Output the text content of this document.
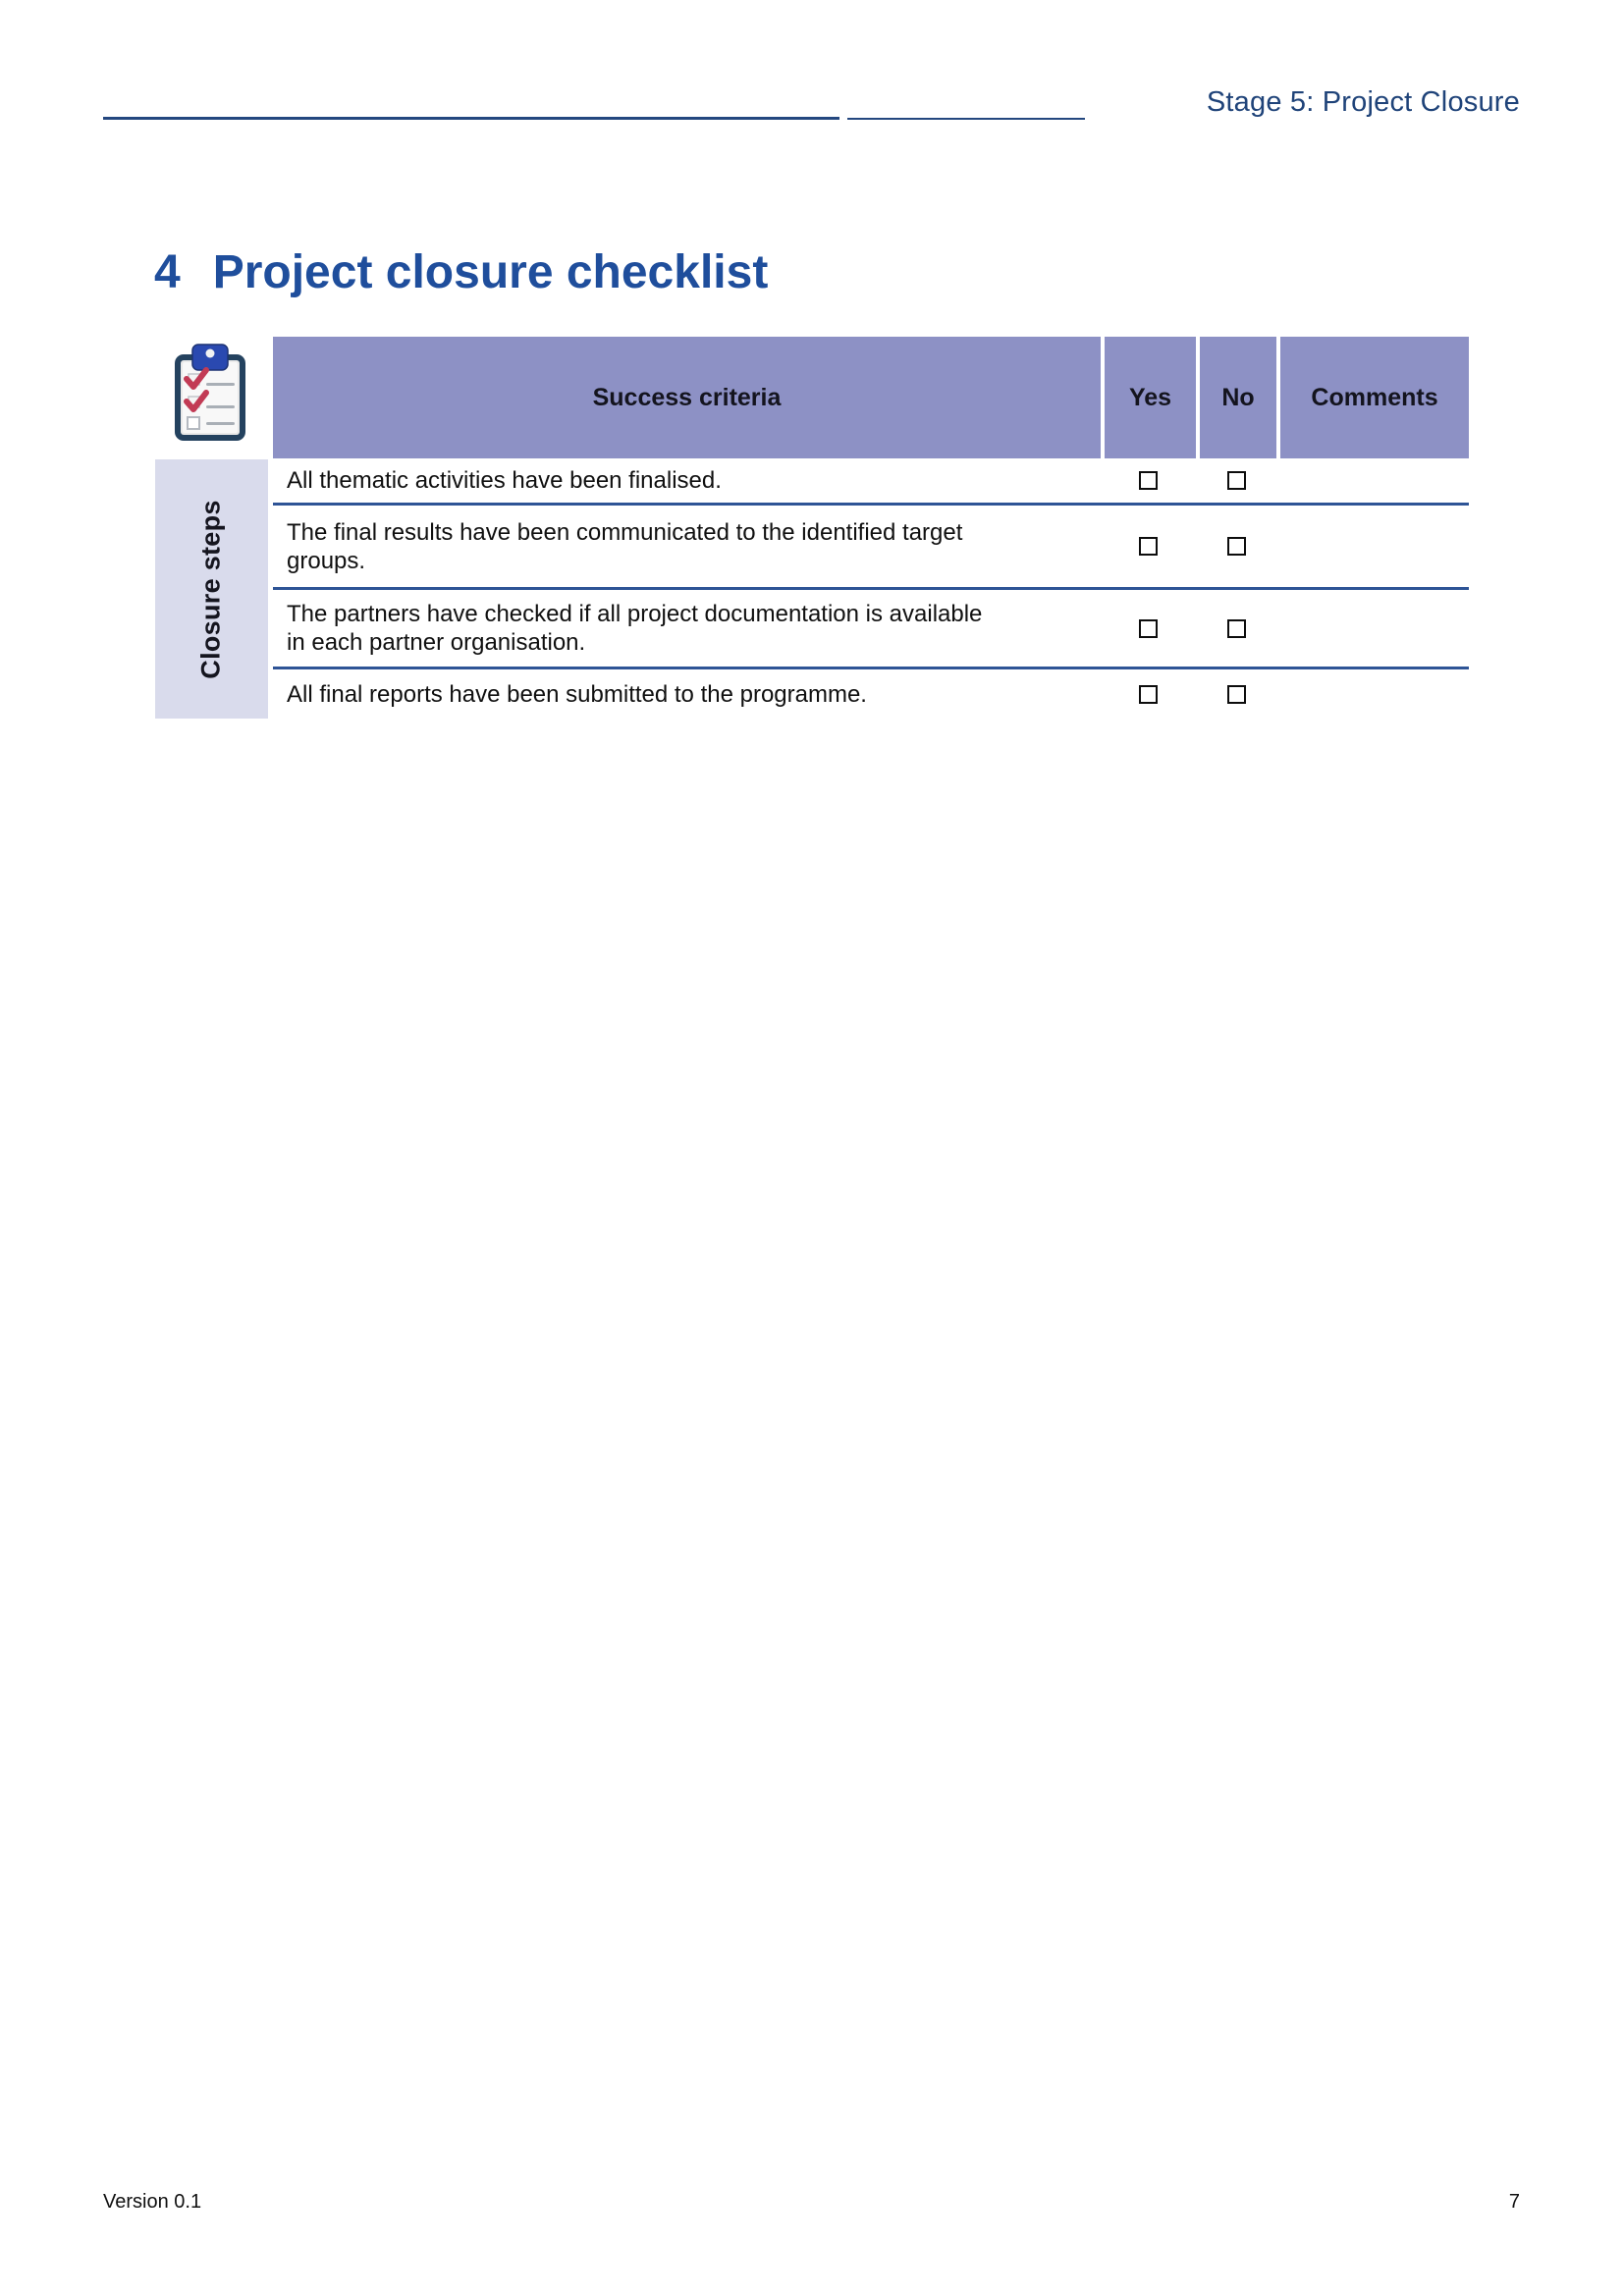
Stage 5: Project Closure
4 Project closure checklist
Success criteria	Yes	No	Comments
Closure steps
All thematic activities have been finalised.
The final results have been communicated to the identified target groups.
The partners have checked if all project documentation is available in each partner organisation.
All final reports have been submitted to the programme.
Version 0.1	7
